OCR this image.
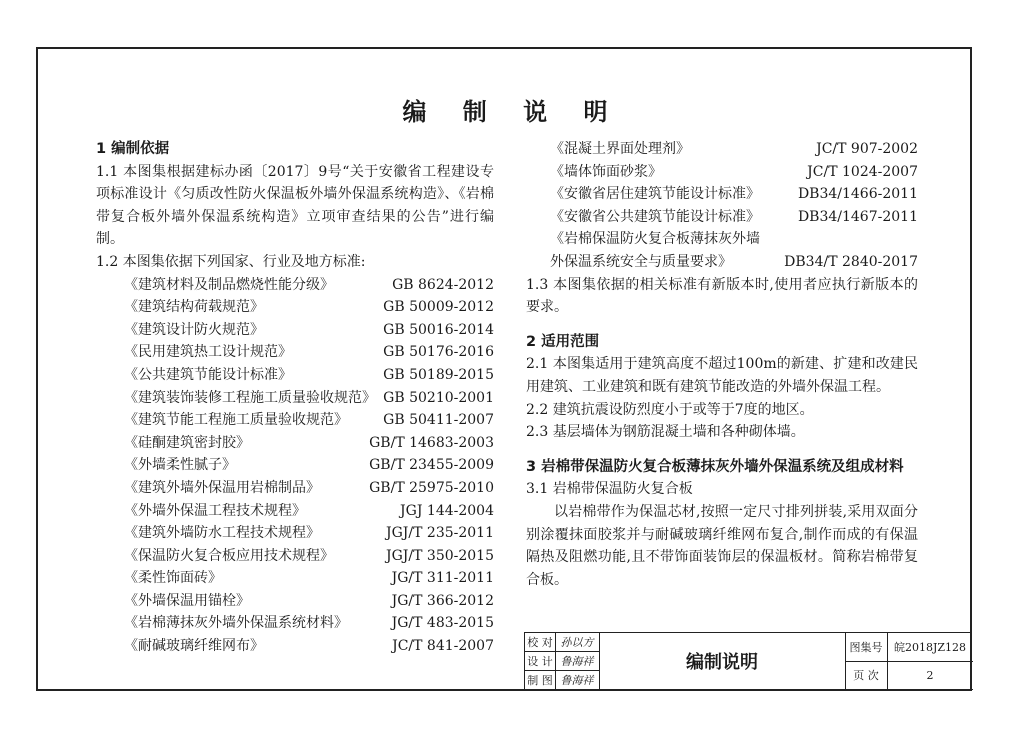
编 制 说 明
1 编制依据
1.1 本图集根据建标办函〔2017〕9号“关于安徽省工程建设专项标准设计《匀质改性防火保温板外墙外保温系统构造》、《岩棉带复合板外墙外保温系统构造》立项审查结果的公告”进行编制。
1.2 本图集依据下列国家、行业及地方标准:
《建筑材料及制品燃烧性能分级》	GB 8624-2012
《建筑结构荷载规范》	GB 50009-2012
《建筑设计防火规范》	GB 50016-2014
《民用建筑热工设计规范》	GB 50176-2016
《公共建筑节能设计标准》	GB 50189-2015
《建筑装饰装修工程施工质量验收规范》 GB 50210-2001
《建筑节能工程施工质量验收规范》	GB 50411-2007
《硅酮建筑密封胶》	GB/T 14683-2003
《外墙柔性腻子》	GB/T 23455-2009
《建筑外墙外保温用岩棉制品》	GB/T 25975-2010
《外墙外保温工程技术规程》	JGJ 144-2004
《建筑外墙防水工程技术规程》	JGJ/T 235-2011
《保温防火复合板应用技术规程》	JGJ/T 350-2015
《柔性饰面砖》	JG/T 311-2011
《外墙保温用锚栓》	JG/T 366-2012
《岩棉薄抹灰外墙外保温系统材料》	JG/T 483-2015
《耐碱玻璃纤维网布》	JC/T 841-2007
《混凝土界面处理剂》	JC/T 907-2002
《墙体饰面砂浆》	JC/T 1024-2007
《安徽省居住建筑节能设计标准》	DB34/1466-2011
《安徽省公共建筑节能设计标准》	DB34/1467-2011
《岩棉保温防火复合板薄抹灰外墙
外保温系统安全与质量要求》	DB34/T 2840-2017
1.3 本图集依据的相关标准有新版本时,使用者应执行新版本的要求。
2 适用范围
2.1 本图集适用于建筑高度不超过100m的新建、扩建和改建民用建筑、工业建筑和既有建筑节能改造的外墙外保温工程。
2.2 建筑抗震设防烈度小于或等于7度的地区。
2.3 基层墙体为钢筋混凝土墙和各种砌体墙。
3 岩棉带保温防火复合板薄抹灰外墙外保温系统及组成材料
3.1 岩棉带保温防火复合板
以岩棉带作为保温芯材,按照一定尺寸排列拼装,采用双面分别涂覆抹面胶浆并与耐碱玻璃纤维网布复合,制作而成的有保温隔热及阻燃功能,且不带饰面装饰层的保温板材。简称岩棉带复合板。
校 对 孙以方
设 计 鲁海祥
制 图 鲁海祥
编制说明
图集号	皖2018JZ128
页 次	2
